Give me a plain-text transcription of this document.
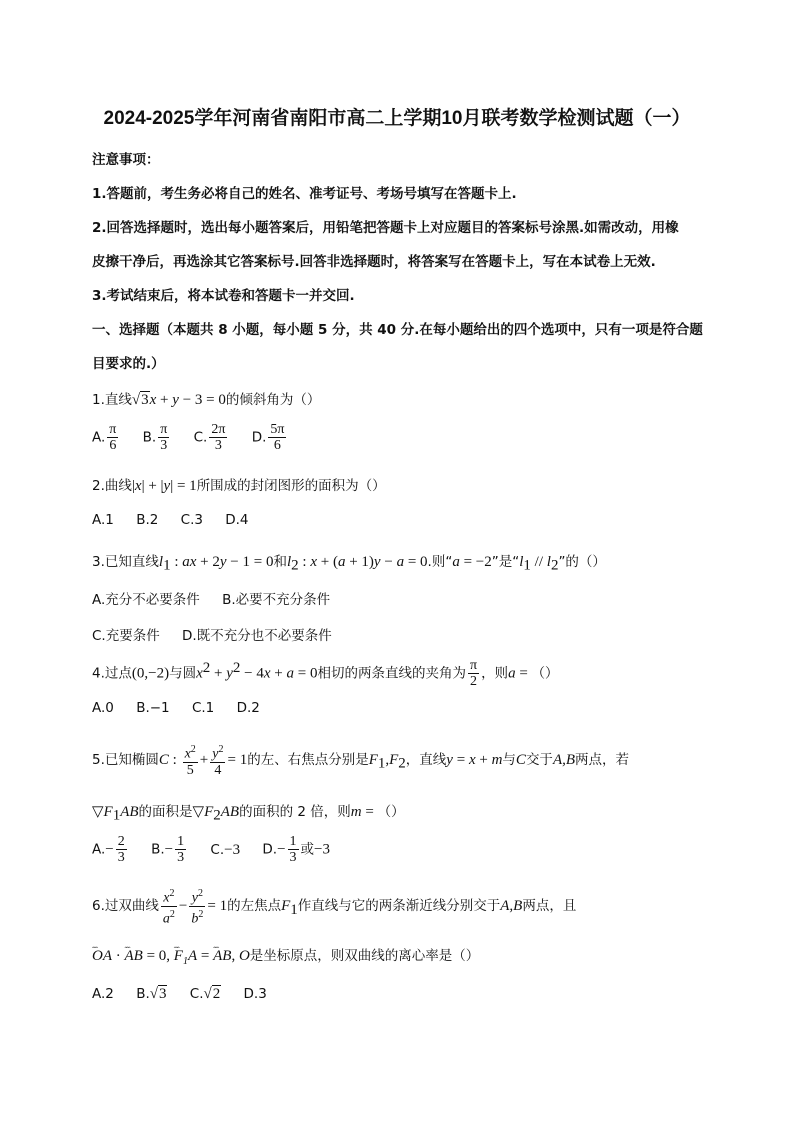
2024-2025学年河南省南阳市高二上学期10月联考数学检测试题（一）
注意事项：
1.答题前，考生务必将自己的姓名、准考证号、考场号填写在答题卡上.
2.回答选择题时，选出每小题答案后，用铅笔把答题卡上对应题目的答案标号涂黑.如需改动，用橡
皮擦干净后，再选涂其它答案标号.回答非选择题时，将答案写在答题卡上，写在本试卷上无效.
3.考试结束后，将本试卷和答题卡一并交回.
一、选择题（本题共 8 小题，每小题 5 分，共 40 分.在每小题给出的四个选项中，只有一项是符合题
目要求的.）
1.直线√3x + y − 3 = 0的倾斜角为（）
A. $\frac{\pi}{6} B$. $\frac{\pi}{3} C$. $\frac{2\pi}{3} D$. $\frac{5\pi}{6}$
2.曲线|x| + |y| = 1所围成的封闭图形的面积为（）
A.1 B.2 C.3 D.4
3.已知直线$l_1$ : ax + 2y − 1 = 0和$l_2$ : x + (a + 1)y − a = 0.则“a = −2”是“$l_1 // l_2$”的（）
A.充分不必要条件 B.必要不充分条件
C.充要条件 D.既不充分也不必要条件
4.过点(0,−2)与圆$x^2 + y^2 - 4x + a = 0$相切的两条直线的夹角为 $\frac{\pi}{2}$ ，则a = （）
A.0 B.−1 C.1 D.2
5.已知椭圆C : $\frac{x^2}{5} + \frac{y^2}{4} = 1$的左、右焦点分别是$F_1,F_2$，直线y = x + m与C交于A,B两点，若
$▽F_1AB$的面积是$▽F_2AB$的面积的 2 倍，则m = （）
$A.- \frac{2}{3} B.- \frac{1}{3} C.-3$ $D.- \frac{1}{3}$ 或−3
6.过双曲线 $\frac{x^2}{a^2} - \frac{y^2}{b^2} = 1$的左焦点$F_1$作直线与它的两条渐近线分别交于A,B两点，且
ꞈꞈꞈ OA · ꞈꞈꞈ AB = 0, ꞈꞈꞈ $F_1A$ = ꞈꞈꞈ AB, O是坐标原点，则双曲线的离心率是（）
A.2 B.√3 C.√2 D.3
